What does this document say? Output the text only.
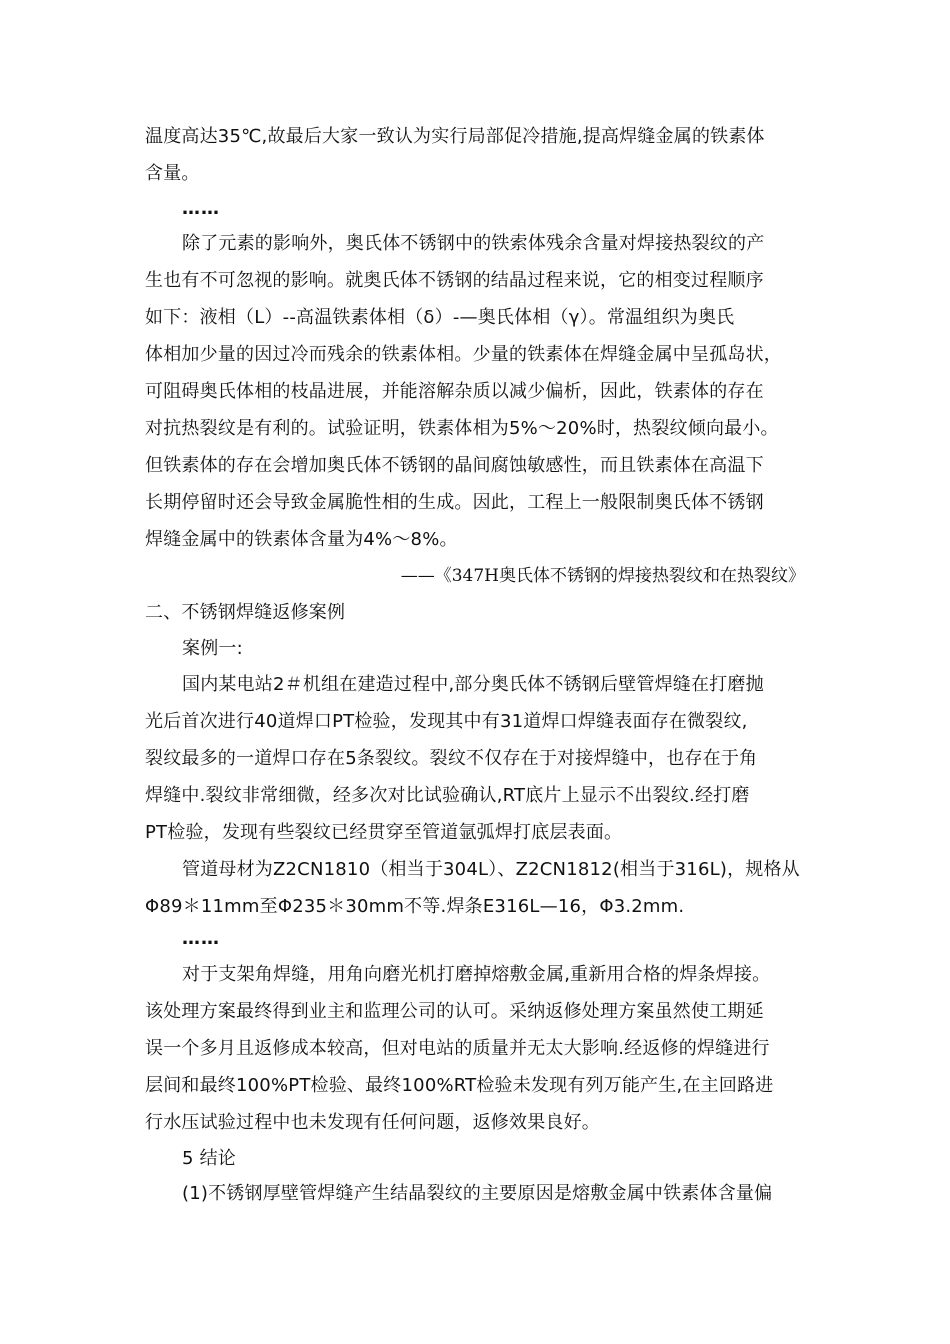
温度高达35℃,故最后大家一致认为实行局部促冷措施,提高焊缝金属的铁素体
含量。
……
除了元素的影响外，奥氏体不锈钢中的铁索体残余含量对焊接热裂纹的产
生也有不可忽视的影响。就奥氏体不锈钢的结晶过程来说，它的相变过程顺序
如下：液相（L）--高温铁素体相（δ）-—奥氏体相（γ）。常温组织为奥氏
体相加少量的因过冷而残余的铁素体相。少量的铁素体在焊缝金属中呈孤岛状，
可阻碍奥氏体相的枝晶进展，并能溶解杂质以减少偏析，因此，铁素体的存在
对抗热裂纹是有利的。试验证明，铁素体相为5%～20%时，热裂纹倾向最小。
但铁素体的存在会增加奥氏体不锈钢的晶间腐蚀敏感性，而且铁素体在高温下
长期停留时还会导致金属脆性相的生成。因此，工程上一般限制奥氏体不锈钢
焊缝金属中的铁素体含量为4%～8%。
——《347H奥氏体不锈钢的焊接热裂纹和在热裂纹》
二、不锈钢焊缝返修案例
案例一:
国内某电站2＃机组在建造过程中,部分奥氏体不锈钢后壁管焊缝在打磨抛
光后首次进行40道焊口PT检验，发现其中有31道焊口焊缝表面存在微裂纹,
裂纹最多的一道焊口存在5条裂纹。裂纹不仅存在于对接焊缝中，也存在于角
焊缝中.裂纹非常细微，经多次对比试验确认,RT底片上显示不出裂纹.经打磨
PT检验，发现有些裂纹已经贯穿至管道氩弧焊打底层表面。
管道母材为Z2CN1810（相当于304L）、Z2CN1812(相当于316L)，规格从
Φ89＊11mm至Φ235＊30mm不等.焊条E316L—16，Φ3.2mm.
……
对于支架角焊缝，用角向磨光机打磨掉熔敷金属,重新用合格的焊条焊接。
该处理方案最终得到业主和监理公司的认可。采纳返修处理方案虽然使工期延
误一个多月且返修成本较高，但对电站的质量并无太大影响.经返修的焊缝进行
层间和最终100%PT检验、最终100%RT检验未发现有列万能产生,在主回路进
行水压试验过程中也未发现有任何问题，返修效果良好。
5 结论
(1)不锈钢厚壁管焊缝产生结晶裂纹的主要原因是熔敷金属中铁素体含量偏
